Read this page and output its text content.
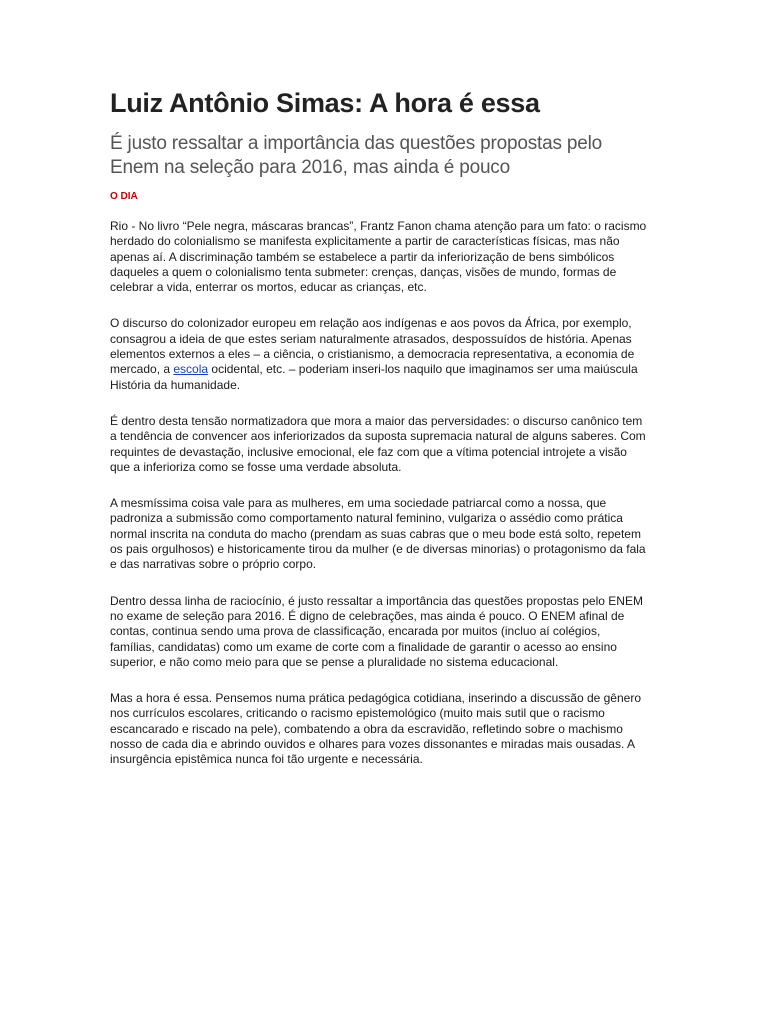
Luiz Antônio Simas: A hora é essa
É justo ressaltar a importância das questões propostas pelo Enem na seleção para 2016, mas ainda é pouco
O DIA

Rio - No livro “Pele negra, máscaras brancas”, Frantz Fanon chama atenção para um fato: o racismo
herdado do colonialismo se manifesta explicitamente a partir de características físicas, mas não
apenas aí. A discriminação também se estabelece a partir da inferiorização de bens simbólicos
daqueles a quem o colonialismo tenta submeter: crenças, danças, visões de mundo, formas de
celebrar a vida, enterrar os mortos, educar as crianças, etc.

O discurso do colonizador europeu em relação aos indígenas e aos povos da África, por exemplo,
consagrou a ideia de que estes seriam naturalmente atrasados, despossuídos de história. Apenas
elementos externos a eles – a ciência, o cristianismo, a democracia representativa, a economia de
mercado, a escola ocidental, etc. – poderiam inseri-los naquilo que imaginamos ser uma maiúscula
História da humanidade.

É dentro desta tensão normatizadora que mora a maior das perversidades: o discurso canônico tem
a tendência de convencer aos inferiorizados da suposta supremacia natural de alguns saberes. Com
requintes de devastação, inclusive emocional, ele faz com que a vítima potencial introjete a visão
que a inferioriza como se fosse uma verdade absoluta.

A mesmíssima coisa vale para as mulheres, em uma sociedade patriarcal como a nossa, que
padroniza a submissão como comportamento natural feminino, vulgariza o assédio como prática
normal inscrita na conduta do macho (prendam as suas cabras que o meu bode está solto, repetem
os pais orgulhosos) e historicamente tirou da mulher (e de diversas minorias) o protagonismo da fala
e das narrativas sobre o próprio corpo.

Dentro dessa linha de raciocínio, é justo ressaltar a importância das questões propostas pelo ENEM
no exame de seleção para 2016. É digno de celebrações, mas ainda é pouco. O ENEM afinal de
contas, continua sendo uma prova de classificação, encarada por muitos (incluo aí colégios,
famílias, candidatas) como um exame de corte com a finalidade de garantir o acesso ao ensino
superior, e não como meio para que se pense a pluralidade no sistema educacional.

Mas a hora é essa. Pensemos numa prática pedagógica cotidiana, inserindo a discussão de gênero
nos currículos escolares, criticando o racismo epistemológico (muito mais sutil que o racismo
escancarado e riscado na pele), combatendo a obra da escravidão, refletindo sobre o machismo
nosso de cada dia e abrindo ouvidos e olhares para vozes dissonantes e miradas mais ousadas. A
insurgência epistêmica nunca foi tão urgente e necessária.
